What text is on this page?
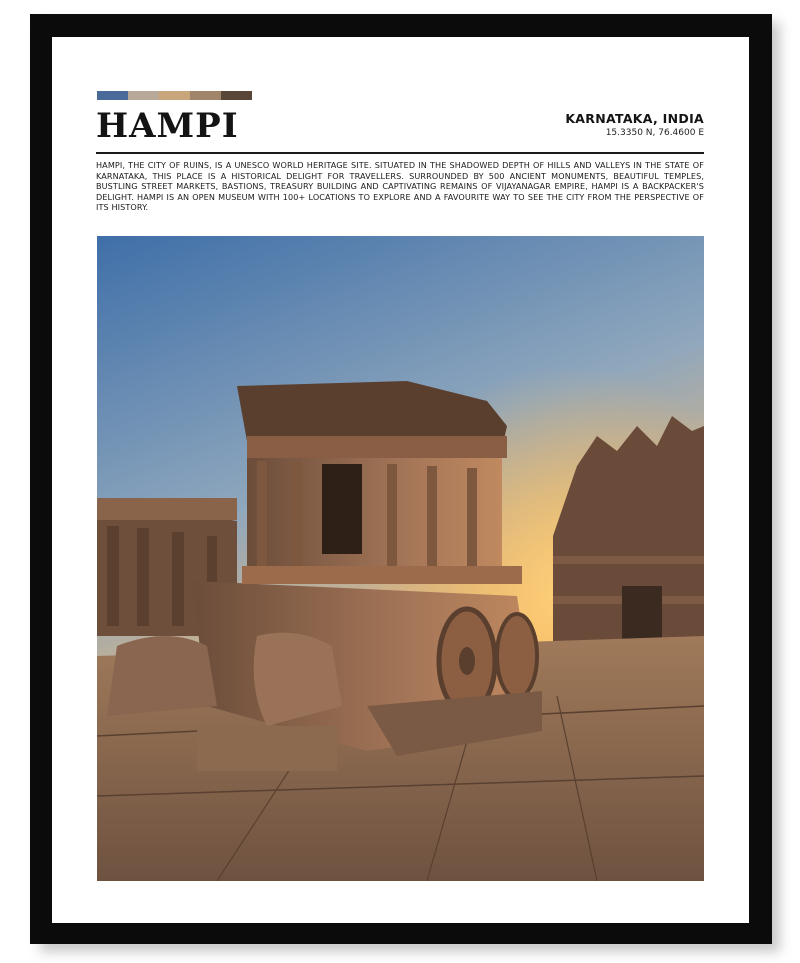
HAMPI	KARNATAKA, INDIA
15.3350 N, 76.4600 E
HAMPI, THE CITY OF RUINS, IS A UNESCO WORLD HERITAGE SITE. SITUATED IN THE SHADOWED DEPTH OF HILLS AND VALLEYS IN THE STATE OF KARNATAKA, THIS PLACE IS A HISTORICAL DELIGHT FOR TRAVELLERS. SURROUNDED BY 500 ANCIENT MONUMENTS, BEAUTIFUL TEMPLES, BUSTLING STREET MARKETS, BASTIONS, TREASURY BUILDING AND CAPTIVATING REMAINS OF VIJAYANAGAR EMPIRE, HAMPI IS A BACKPACKER'S DELIGHT. HAMPI IS AN OPEN MUSEUM WITH 100+ LOCATIONS TO EXPLORE AND A FAVOURITE WAY TO SEE THE CITY FROM THE PERSPECTIVE OF ITS HISTORY.
